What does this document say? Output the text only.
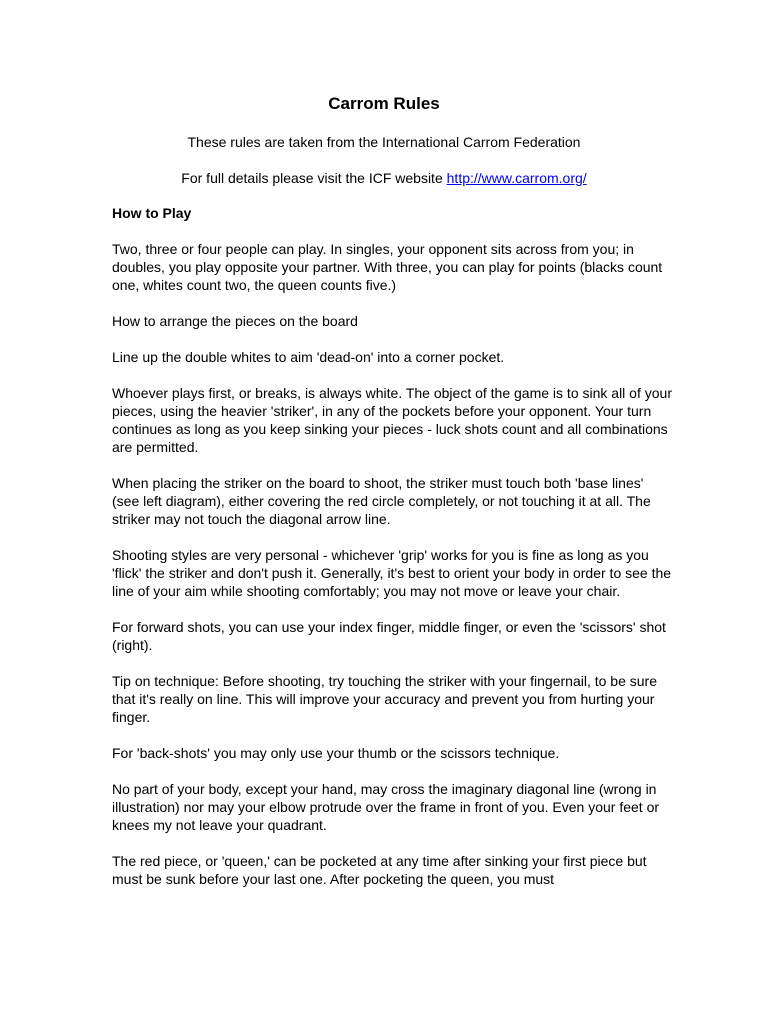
Carrom Rules
These rules are taken from the International Carrom Federation
For full details please visit the ICF website http://www.carrom.org/
How to Play

Two, three or four people can play. In singles, your opponent sits across from you; in doubles, you play opposite your partner. With three, you can play for points (blacks count one, whites count two, the queen counts five.)

How to arrange the pieces on the board

Line up the double whites to aim 'dead-on' into a corner pocket.

Whoever plays first, or breaks, is always white. The object of the game is to sink all of your pieces, using the heavier 'striker', in any of the pockets before your opponent. Your turn continues as long as you keep sinking your pieces - luck shots count and all combinations are permitted.

When placing the striker on the board to shoot, the striker must touch both 'base lines' (see left diagram), either covering the red circle completely, or not touching it at all. The striker may not touch the diagonal arrow line.

Shooting styles are very personal - whichever 'grip' works for you is fine as long as you 'flick' the striker and don't push it. Generally, it's best to orient your body in order to see the line of your aim while shooting comfortably; you may not move or leave your chair.

For forward shots, you can use your index finger, middle finger, or even the 'scissors' shot (right).

Tip on technique: Before shooting, try touching the striker with your fingernail, to be sure that it's really on line. This will improve your accuracy and prevent you from hurting your finger.

For 'back-shots' you may only use your thumb or the scissors technique.

No part of your body, except your hand, may cross the imaginary diagonal line (wrong in illustration) nor may your elbow protrude over the frame in front of you. Even your feet or knees my not leave your quadrant.

The red piece, or 'queen,' can be pocketed at any time after sinking your first piece but must be sunk before your last one. After pocketing the queen, you must
